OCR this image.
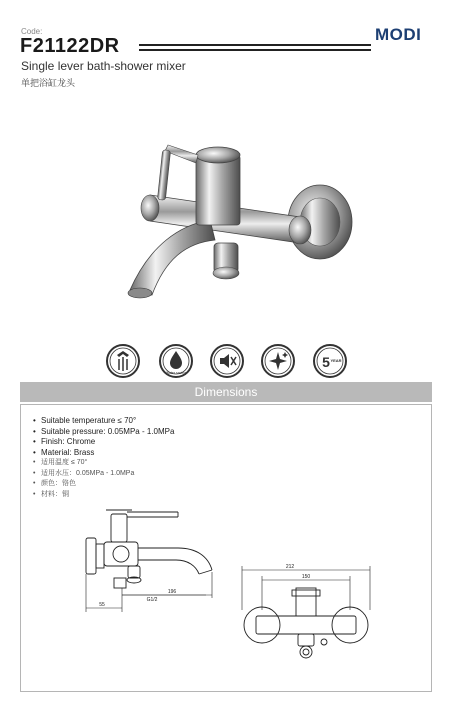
Code:
F21122DR
MODI
Single lever bath-shower mixer
单把浴缸龙头
Water saving
5 YEAR
Dimensions
• Suitable temperature ≤ 70°
• Suitable pressure: 0.05MPa - 1.0MPa
• Finish: Chrome
• Material: Brass
• 适用温度 ≤ 70°
• 适用水压：0.05MPa - 1.0MPa
• 颜色：铬色
• 材料：铜
55
196
G1/2
212
150
